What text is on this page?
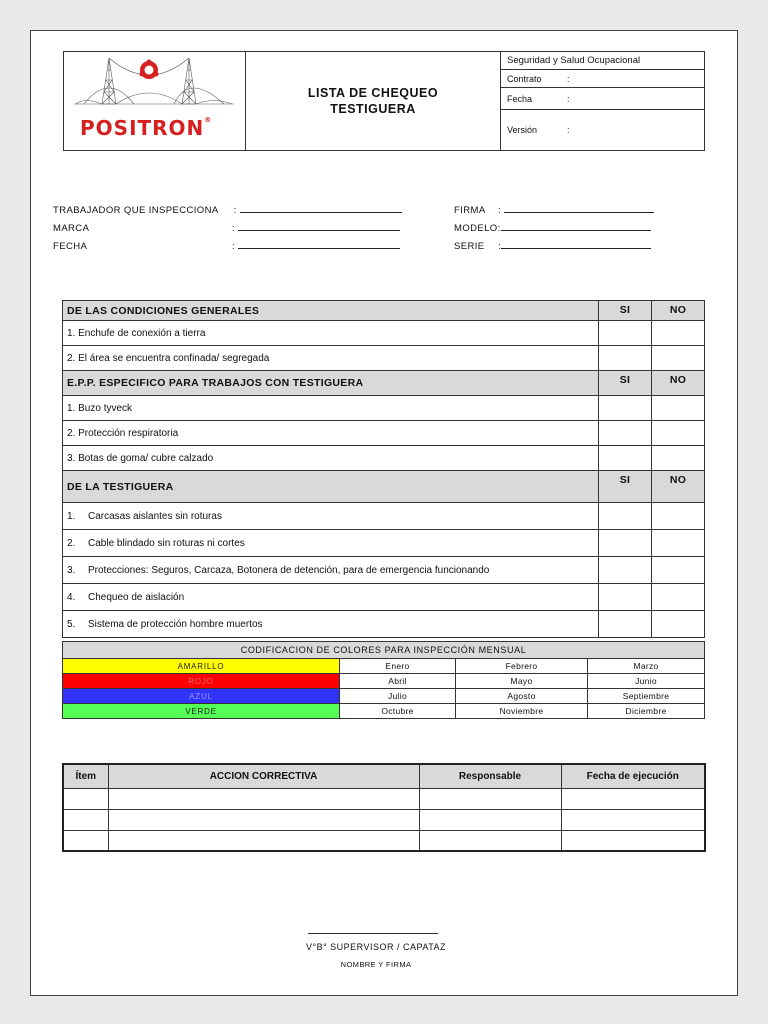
POSITRON®
LISTA DE CHEQUEO
TESTIGUERA
Seguridad y Salud Ocupacional
Contrato	:
Fecha	:
Versión	:
TRABAJADOR QUE INSPECCIONA :
MARCA	:
FECHA	:
FIRMA :
MODELO:
SERIE :
DE LAS CONDICIONES GENERALES	SI	NO
1. Enchufe de conexión a tierra		
2. El área se encuentra confinada/ segregada		
E.P.P. ESPECIFICO PARA TRABAJOS CON TESTIGUERA	SI	NO
1. Buzo tyveck		
2. Protección respiratoria		
3. Botas de goma/ cubre calzado		
DE LA TESTIGUERA	SI	NO
1. Carcasas aislantes sin roturas		
2. Cable blindado sin roturas ni cortes		
3. Protecciones: Seguros, Carcaza, Botonera de detención, para de emergencia funcionando		
4. Chequeo de aislación		
5. Sistema de protección hombre muertos		
CODIFICACION DE COLORES PARA INSPECCIÓN MENSUAL			
AMARILLO	Enero	Febrero	Marzo
ROJO	Abril	Mayo	Junio
AZUL	Julio	Agosto	Septiembre
VERDE	Octubre	Noviembre	Diciembre
Ítem	ACCION CORRECTIVA	Responsable	Fecha de ejecución

V°B° SUPERVISOR / CAPATAZ
NOMBRE Y FIRMA
